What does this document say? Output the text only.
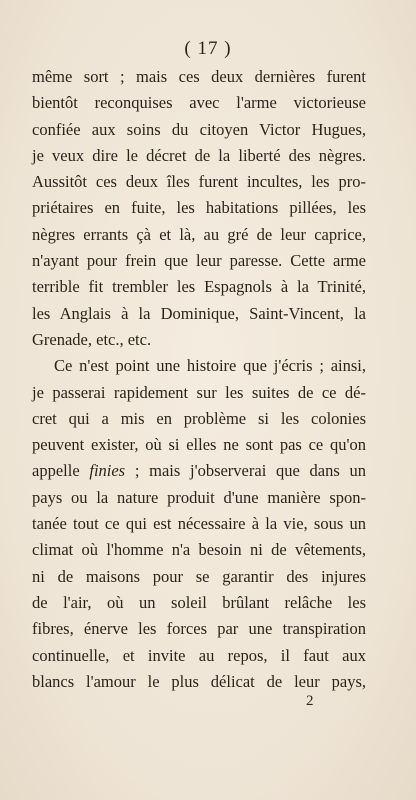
( 17 )
même sort ; mais ces deux dernières furent
bientôt reconquises avec l'arme victorieuse
confiée aux soins du citoyen Victor Hugues,
je veux dire le décret de la liberté des nègres.
Aussitôt ces deux îles furent incultes, les pro-
priétaires en fuite, les habitations pillées, les
nègres errants çà et là, au gré de leur caprice,
n'ayant pour frein que leur paresse. Cette arme
terrible fit trembler les Espagnols à la Trinité,
les Anglais à la Dominique, Saint-Vincent, la
Grenade, etc., etc.
Ce n'est point une histoire que j'écris ; ainsi,
je passerai rapidement sur les suites de ce dé-
cret qui a mis en problème si les colonies
peuvent exister, où si elles ne sont pas ce qu'on
appelle finies ; mais j'observerai que dans un
pays ou la nature produit d'une manière spon-
tanée tout ce qui est nécessaire à la vie, sous un
climat où l'homme n'a besoin ni de vêtements,
ni de maisons pour se garantir des injures
de l'air, où un soleil brûlant relâche les
fibres, énerve les forces par une transpiration
continuelle, et invite au repos, il faut aux
blancs l'amour le plus délicat de leur pays,
2
